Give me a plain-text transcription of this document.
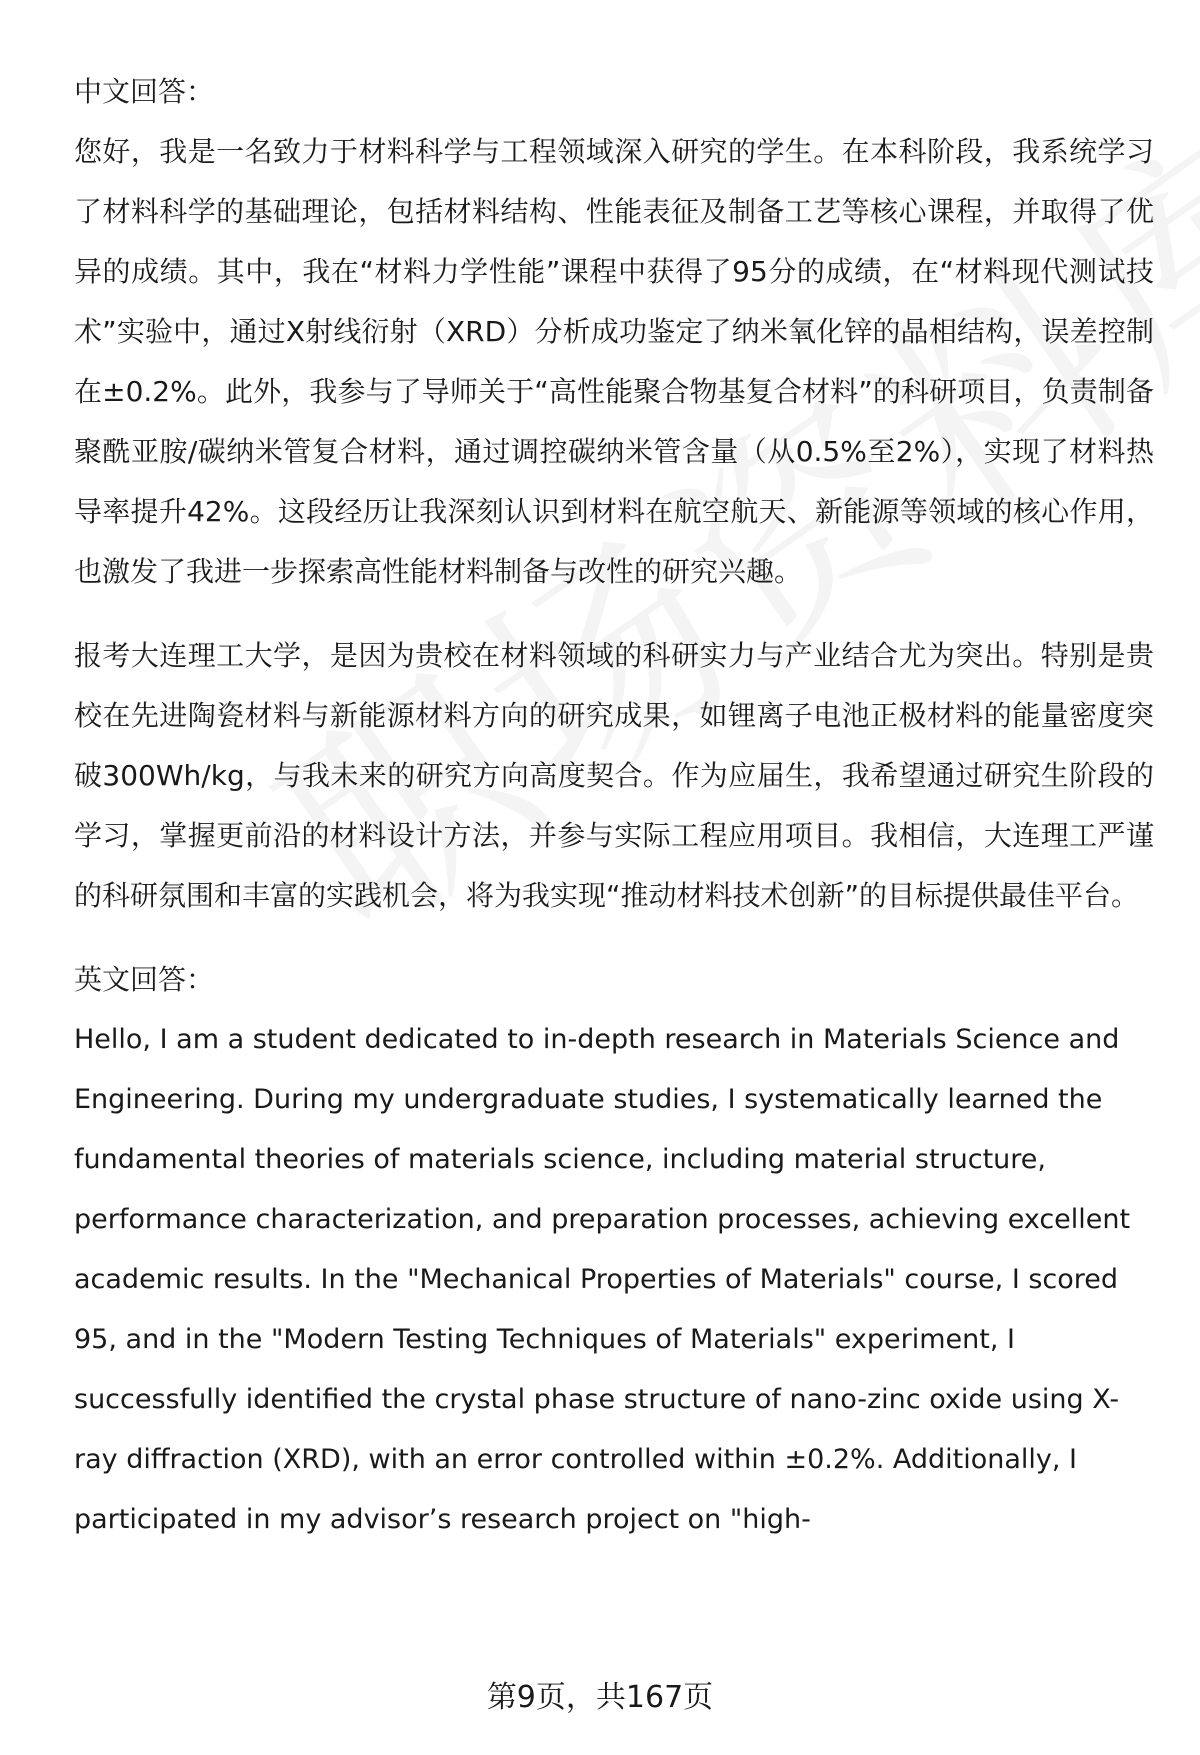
中文回答：

您好，我是一名致力于材料科学与工程领域深入研究的学生。在本科阶段，我系统学习了材料科学的基础理论，包括材料结构、性能表征及制备工艺等核心课程，并取得了优异的成绩。其中，我在“材料力学性能”课程中获得了95分的成绩，在“材料现代测试技术”实验中，通过X射线衍射（XRD）分析成功鉴定了纳米氧化锌的晶相结构，误差控制在±0.2%。此外，我参与了导师关于“高性能聚合物基复合材料”的科研项目，负责制备聚酰亚胺/碳纳米管复合材料，通过调控碳纳米管含量（从0.5%至2%），实现了材料热导率提升42%。这段经历让我深刻认识到材料在航空航天、新能源等领域的核心作用，也激发了我进一步探索高性能材料制备与改性的研究兴趣。

报考大连理工大学，是因为贵校在材料领域的科研实力与产业结合尤为突出。特别是贵校在先进陶瓷材料与新能源材料方向的研究成果，如锂离子电池正极材料的能量密度突破300Wh/kg，与我未来的研究方向高度契合。作为应届生，我希望通过研究生阶段的学习，掌握更前沿的材料设计方法，并参与实际工程应用项目。我相信，大连理工严谨的科研氛围和丰富的实践机会，将为我实现“推动材料技术创新”的目标提供最佳平台。

英文回答：

Hello, I am a student dedicated to in-depth research in Materials Science and Engineering. During my undergraduate studies, I systematically learned the fundamental theories of materials science, including material structure, performance characterization, and preparation processes, achieving excellent academic results. In the "Mechanical Properties of Materials" course, I scored 95, and in the "Modern Testing Techniques of Materials" experiment, I successfully identified the crystal phase structure of nano-zinc oxide using X-ray diffraction (XRD), with an error controlled within ±0.2%. Additionally, I participated in my advisor’s research project on "high-

第9页，共167页
